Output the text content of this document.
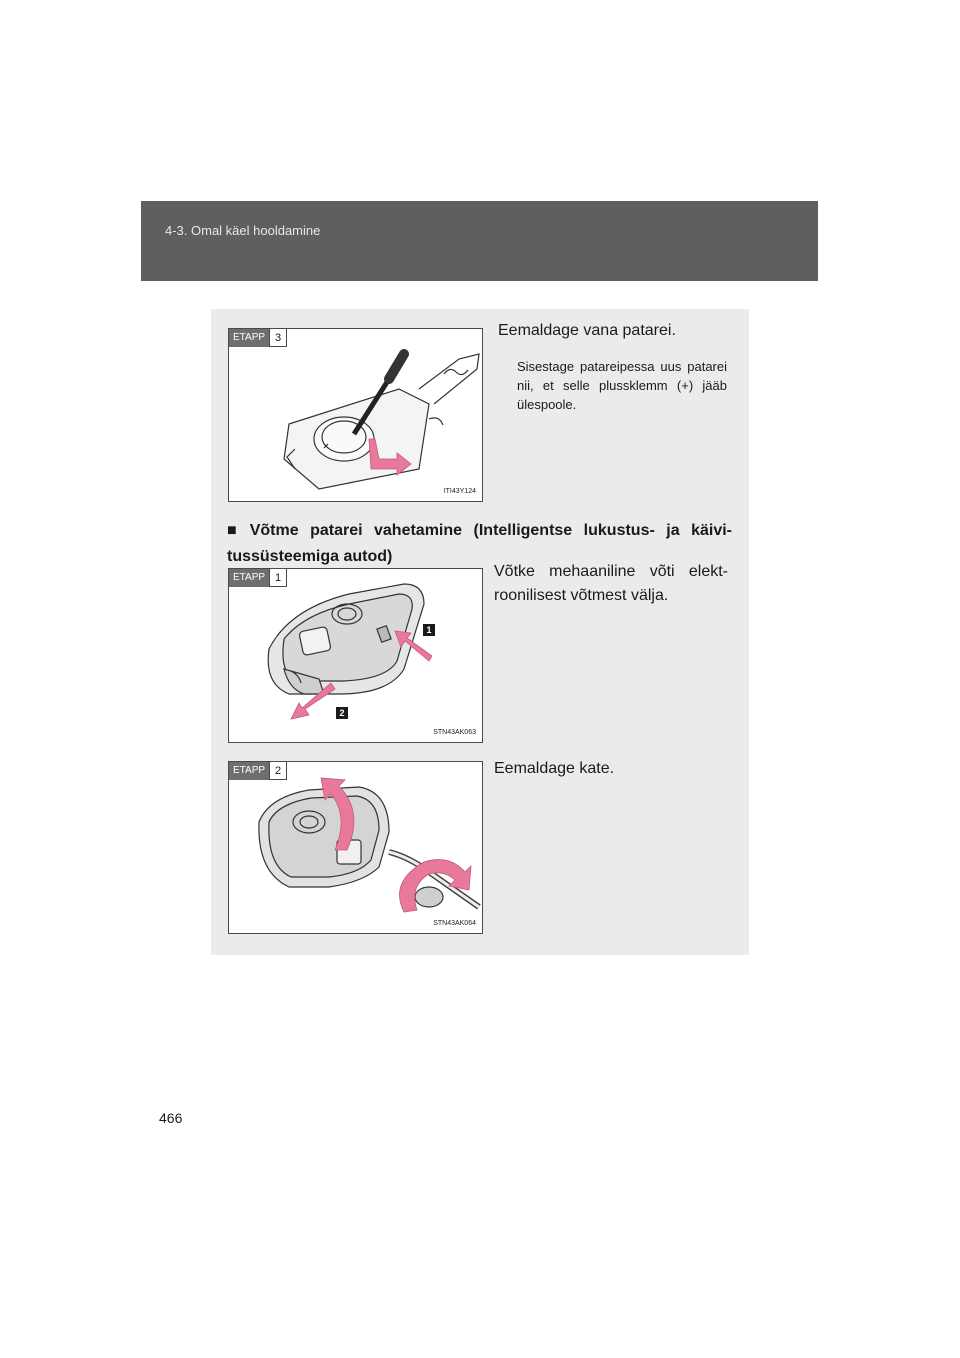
4-3. Omal käel hooldamine
ETAPP 3
ITI43Y124
Eemaldage vana patarei.
Sisestage patareipessa uus patarei nii, et selle plussklemm (+) jääb ülespoole.
■ Võtme patarei vahetamine (Intelligentse lukustus- ja käivi-tussüsteemiga autod)
ETAPP 1
1
2
STN43AK063
Võtke mehaaniline võti elekt-roonilisest võtmest välja.
ETAPP 2
STN43AK064
Eemaldage kate.
466
